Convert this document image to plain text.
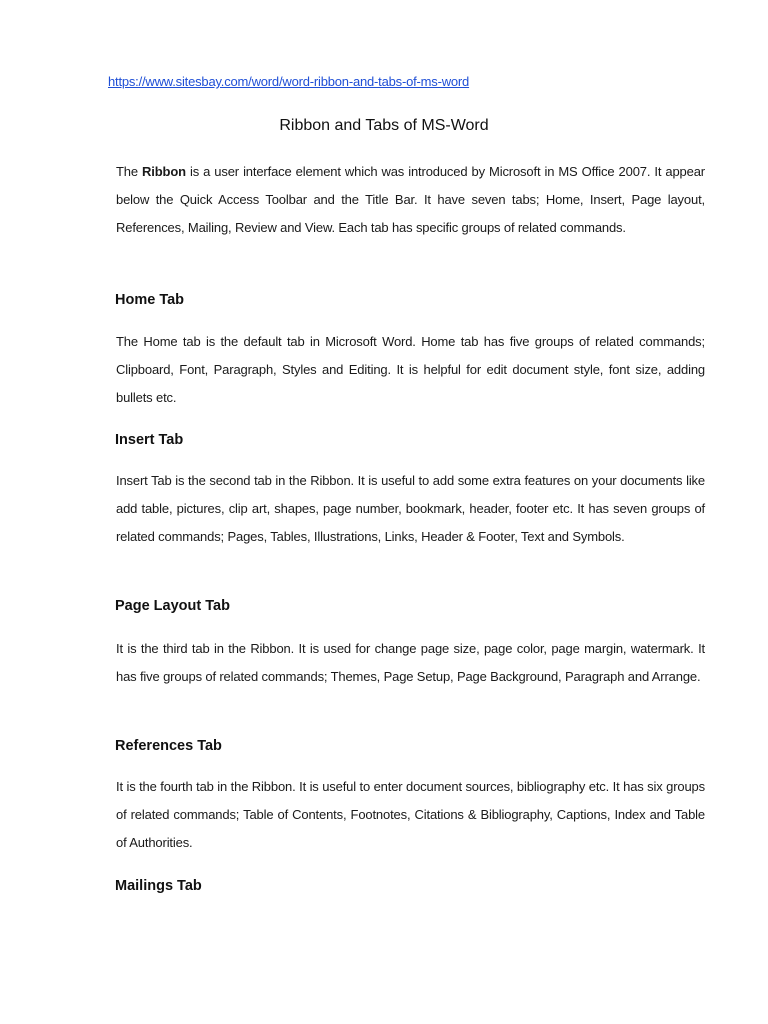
https://www.sitesbay.com/word/word-ribbon-and-tabs-of-ms-word
Ribbon and Tabs of MS-Word

The Ribbon is a user interface element which was introduced by Microsoft in MS Office 2007. It appear below the Quick Access Toolbar and the Title Bar. It have seven tabs; Home, Insert, Page layout, References, Mailing, Review and View. Each tab has specific groups of related commands.

Home Tab

The Home tab is the default tab in Microsoft Word. Home tab has five groups of related commands; Clipboard, Font, Paragraph, Styles and Editing. It is helpful for edit document style, font size, adding bullets etc.

Insert Tab

Insert Tab is the second tab in the Ribbon. It is useful to add some extra features on your documents like add table, pictures, clip art, shapes, page number, bookmark, header, footer etc. It has seven groups of related commands; Pages, Tables, Illustrations, Links, Header & Footer, Text and Symbols.

Page Layout Tab

It is the third tab in the Ribbon. It is used for change page size, page color, page margin, watermark. It has five groups of related commands; Themes, Page Setup, Page Background, Paragraph and Arrange.

References Tab

It is the fourth tab in the Ribbon. It is useful to enter document sources, bibliography etc. It has six groups of related commands; Table of Contents, Footnotes, Citations & Bibliography, Captions, Index and Table of Authorities.

Mailings Tab
